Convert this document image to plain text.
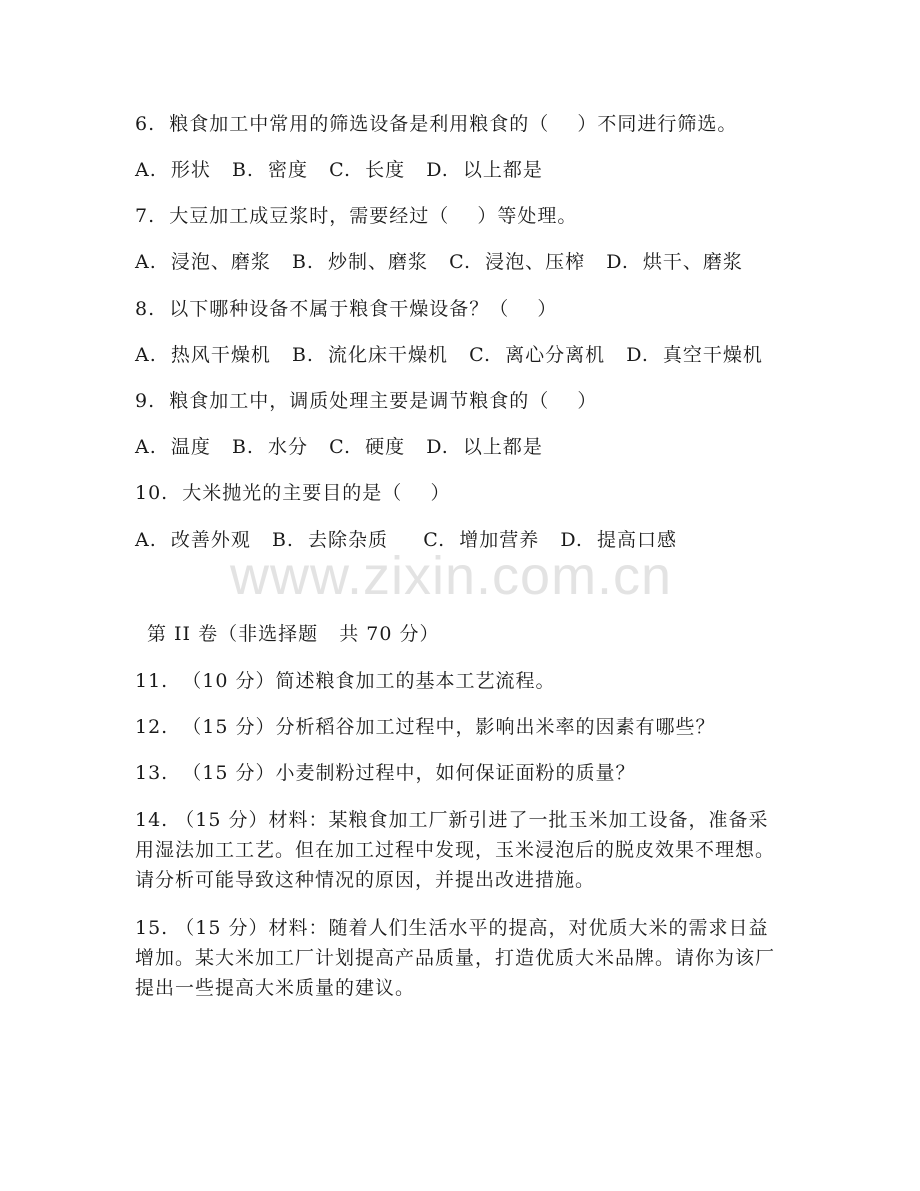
6.  粮食加工中常用的筛选设备是利用粮食的（    ）不同进行筛选。
A.  形状   B.  密度   C.  长度   D.  以上都是
7.  大豆加工成豆浆时，需要经过（    ）等处理。
A.  浸泡、磨浆   B.  炒制、磨浆   C.  浸泡、压榨   D.  烘干、磨浆
8.  以下哪种设备不属于粮食干燥设备？（    ）
A.  热风干燥机   B.  流化床干燥机   C.  离心分离机   D.  真空干燥机
9.  粮食加工中，调质处理主要是调节粮食的（    ）
A.  温度   B.  水分   C.  硬度   D.  以上都是
10.  大米抛光的主要目的是（    ）
A.  改善外观   B.  去除杂质     C.  增加营养   D.  提高口感
www.zixin.com.cn
第 II 卷（非选择题   共 70 分）
11.  （10 分）简述粮食加工的基本工艺流程。
12.  （15 分）分析稻谷加工过程中，影响出米率的因素有哪些？
13.  （15 分）小麦制粉过程中，如何保证面粉的质量？
14. （15 分）材料：某粮食加工厂新引进了一批玉米加工设备，准备采用湿法加工工艺。但在加工过程中发现，玉米浸泡后的脱皮效果不理想。请分析可能导致这种情况的原因，并提出改进措施。
15. （15 分）材料：随着人们生活水平的提高，对优质大米的需求日益增加。某大米加工厂计划提高产品质量，打造优质大米品牌。请你为该厂提出一些提高大米质量的建议。
